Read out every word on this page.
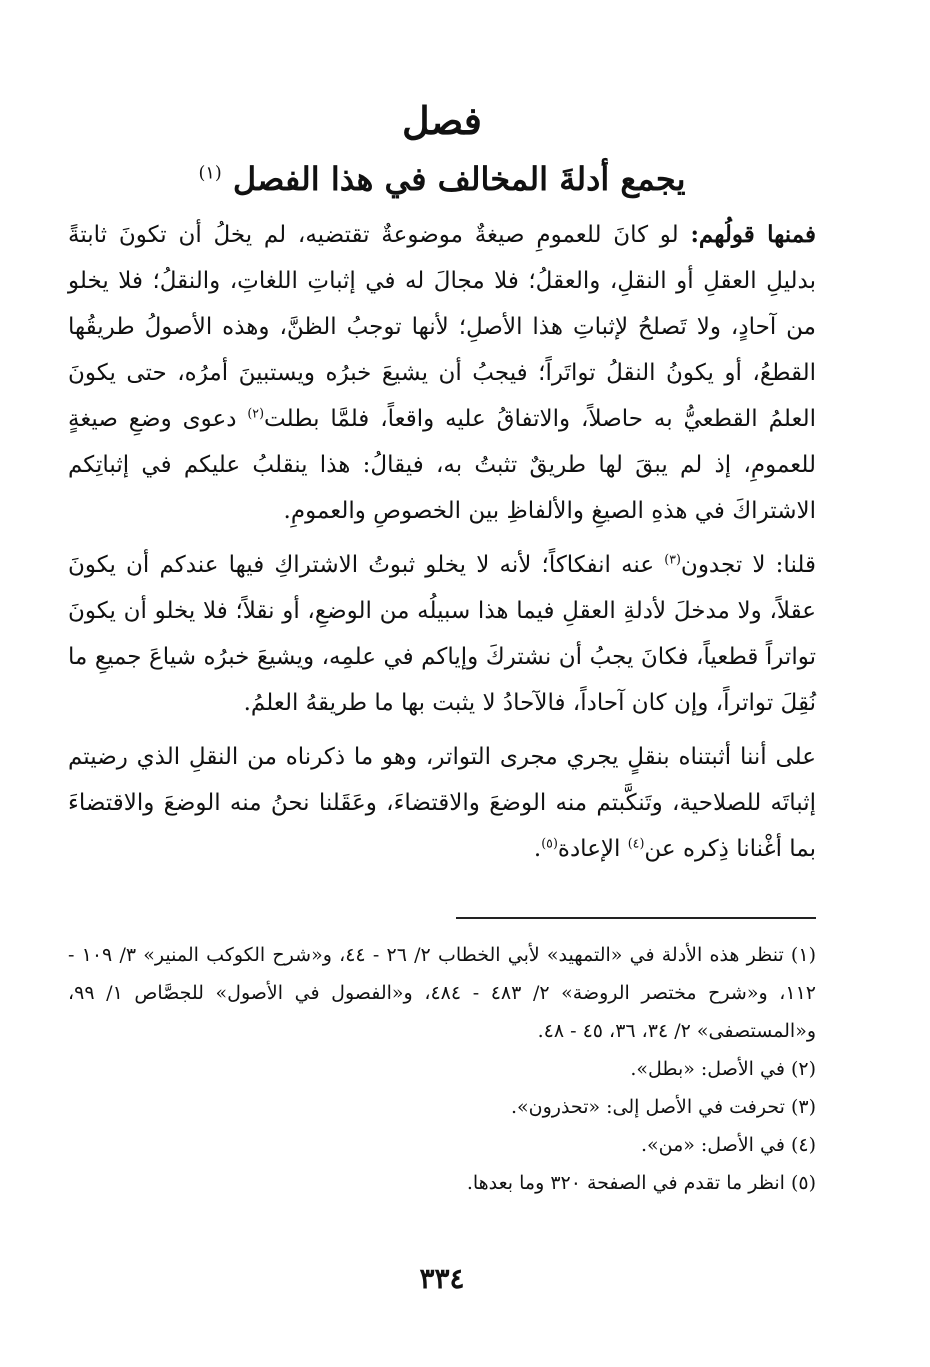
فصل
يجمع أدلةَ المخالف في هذا الفصل $^{(١)}$

فمنها قولُهم: لو كانَ للعمومِ صيغةٌ موضوعةٌ تقتضيه، لم يخلُ أن تكونَ ثابتةً بدليلِ العقلِ أو النقلِ، والعقلُ؛ فلا مجالَ له في إثباتِ اللغاتِ، والنقلُ؛ فلا يخلو من آحادٍ، ولا تَصلحُ لإثباتِ هذا الأصلِ؛ لأنها توجبُ الظنَّ، وهذه الأصولُ طريقُها القطعُ، أو يكونُ النقلُ تواتَراً؛ فيجبُ أن يشيعَ خبرُه ويستبينَ أمرُه، حتى يكونَ العلمُ القطعيُّ به حاصلاً، والاتفاقُ عليه واقعاً، فلمَّا بطلت$^{(٢)}$ دعوى وضعِ صيغةٍ للعمومِ، إذ لم يبقَ لها طريقٌ تثبتُ به، فيقالُ: هذا ينقلبُ عليكم في إثباتِكم الاشتراكَ في هذهِ الصيغِ والألفاظِ بين الخصوصِ والعمومِ.

قلنا: لا تجدون$^{(٣)}$ عنه انفكاكاً؛ لأنه لا يخلو ثبوتُ الاشتراكِ فيها عندكم أن يكونَ عقلاً، ولا مدخلَ لأدلةِ العقلِ فيما هذا سبيلُه من الوضعِ، أو نقلاً؛ فلا يخلو أن يكونَ تواتراً قطعياً، فكانَ يجبُ أن نشتركَ وإياكم في علمِه، ويشيعَ خبرُه شياعَ جميعِ ما نُقِلَ تواتراً، وإن كان آحاداً، فالآحادُ لا يثبت بها ما طريقهُ العلمُ.

على أننا أثبتناه بنقلٍ يجري مجرى التواتر، وهو ما ذكرناه من النقلِ الذي رضيتم إثباتَه للصلاحية، وتَنكَّبتم منه الوضعَ والاقتضاءَ، وعَقَلنا نحنُ منه الوضعَ والاقتضاءَ بما أغْنانا ذِكره عن$^{(٤)}$ الإعادة$^{(٥)}$.

(١) تنظر هذه الأدلة في «التمهيد» لأبي الخطاب ٢/ ٢٦ - ٤٤، و«شرح الكوكب المنير» ٣/ ١٠٩ - ١١٢، و«شرح مختصر الروضة» ٢/ ٤٨٣ - ٤٨٤، و«الفصول في الأصول» للجصَّاص ١/ ٩٩، و«المستصفى» ٢/ ٣٤، ٣٦، ٤٥ - ٤٨.

(٢) في الأصل: «بطل».

(٣) تحرفت في الأصل إلى: «تحذرون».

(٤) في الأصل: «من».

(٥) انظر ما تقدم في الصفحة ٣٢٠ وما بعدها.

٣٣٤
